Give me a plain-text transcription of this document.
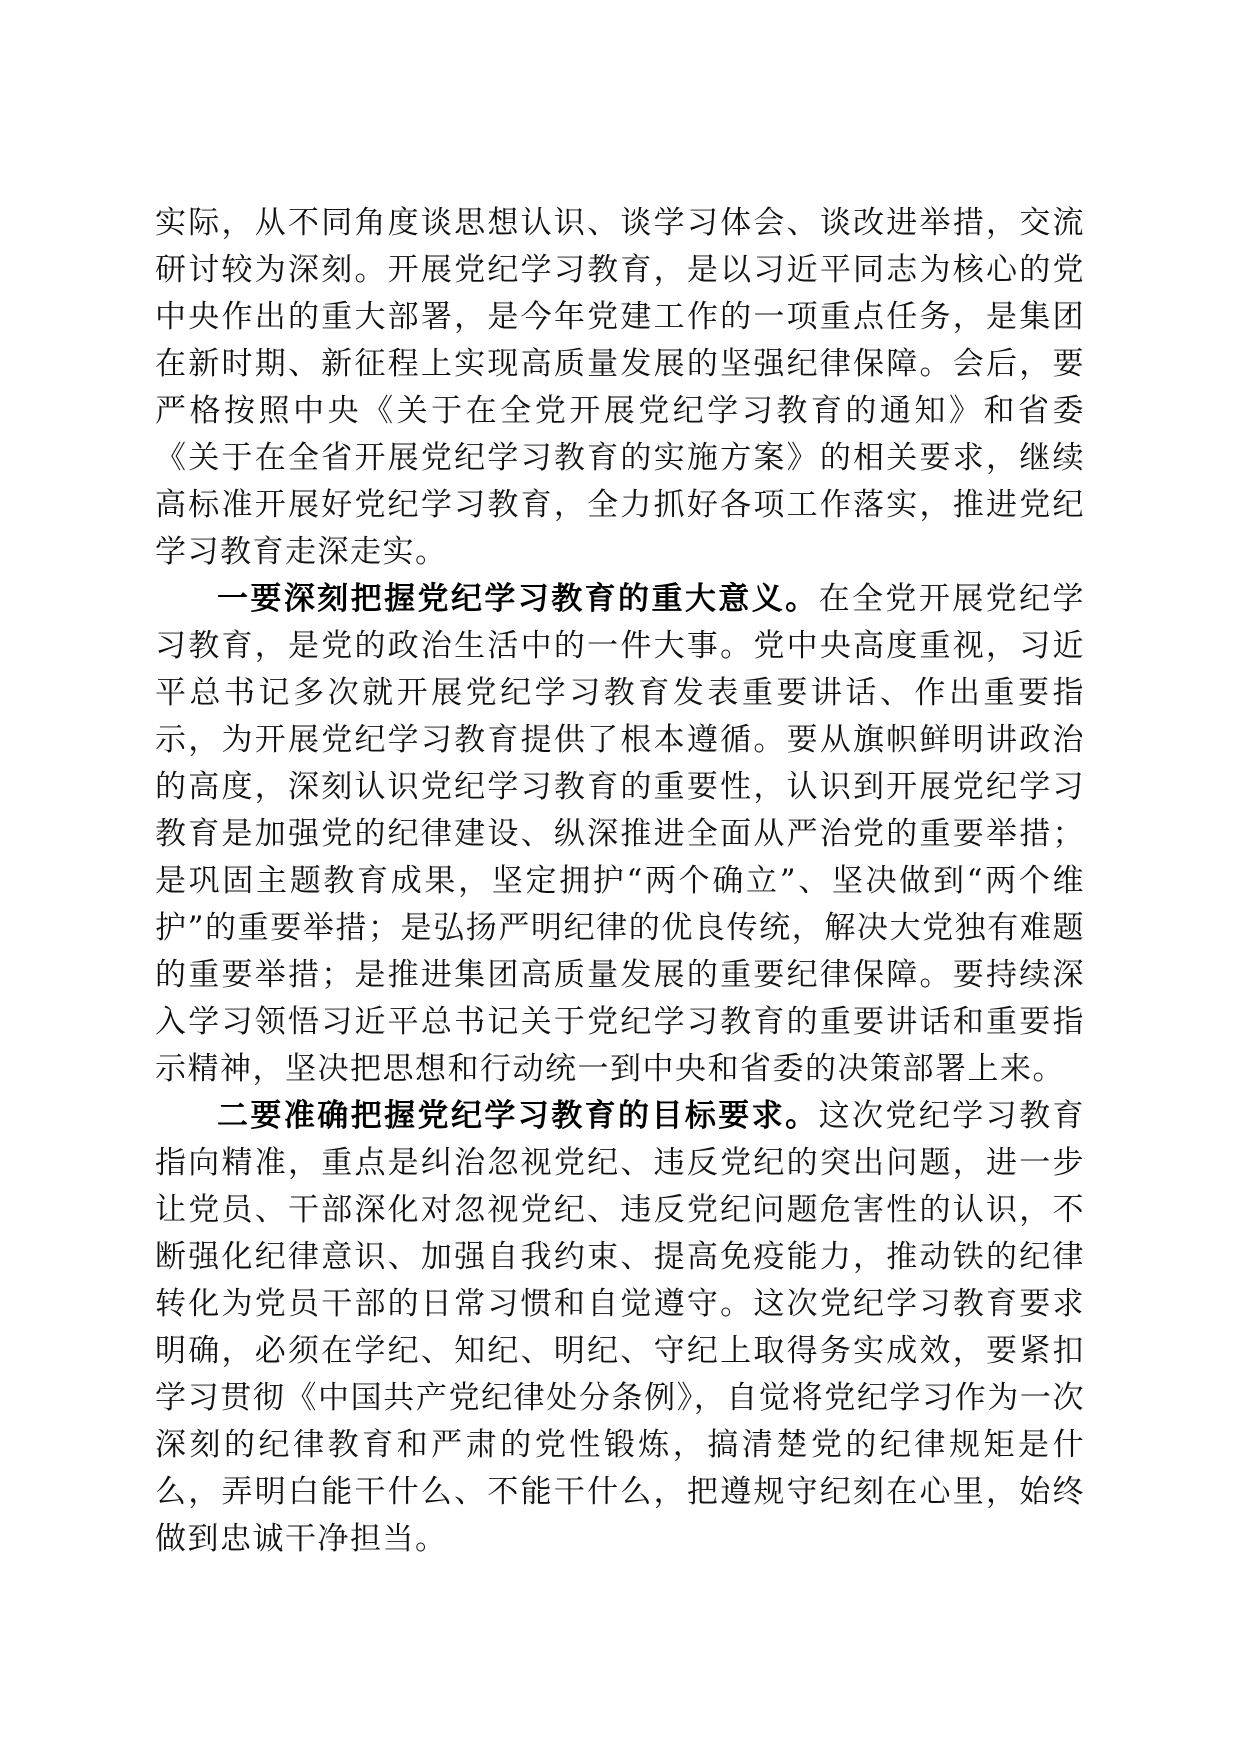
实际，从不同角度谈思想认识、谈学习体会、谈改进举措，交流研讨较为深刻。开展党纪学习教育，是以习近平同志为核心的党中央作出的重大部署，是今年党建工作的一项重点任务，是集团在新时期、新征程上实现高质量发展的坚强纪律保障。会后，要严格按照中央《关于在全党开展党纪学习教育的通知》和省委《关于在全省开展党纪学习教育的实施方案》的相关要求，继续高标准开展好党纪学习教育，全力抓好各项工作落实，推进党纪学习教育走深走实。

一要深刻把握党纪学习教育的重大意义。在全党开展党纪学习教育，是党的政治生活中的一件大事。党中央高度重视，习近平总书记多次就开展党纪学习教育发表重要讲话、作出重要指示，为开展党纪学习教育提供了根本遵循。要从旗帜鲜明讲政治的高度，深刻认识党纪学习教育的重要性，认识到开展党纪学习教育是加强党的纪律建设、纵深推进全面从严治党的重要举措；是巩固主题教育成果，坚定拥护“两个确立”、坚决做到“两个维护”的重要举措；是弘扬严明纪律的优良传统，解决大党独有难题的重要举措；是推进集团高质量发展的重要纪律保障。要持续深入学习领悟习近平总书记关于党纪学习教育的重要讲话和重要指示精神，坚决把思想和行动统一到中央和省委的决策部署上来。

二要准确把握党纪学习教育的目标要求。这次党纪学习教育指向精准，重点是纠治忽视党纪、违反党纪的突出问题，进一步让党员、干部深化对忽视党纪、违反党纪问题危害性的认识，不断强化纪律意识、加强自我约束、提高免疫能力，推动铁的纪律转化为党员干部的日常习惯和自觉遵守。这次党纪学习教育要求明确，必须在学纪、知纪、明纪、守纪上取得务实成效，要紧扣学习贯彻《中国共产党纪律处分条例》，自觉将党纪学习作为一次深刻的纪律教育和严肃的党性锻炼，搞清楚党的纪律规矩是什么，弄明白能干什么、不能干什么，把遵规守纪刻在心里，始终做到忠诚干净担当。
